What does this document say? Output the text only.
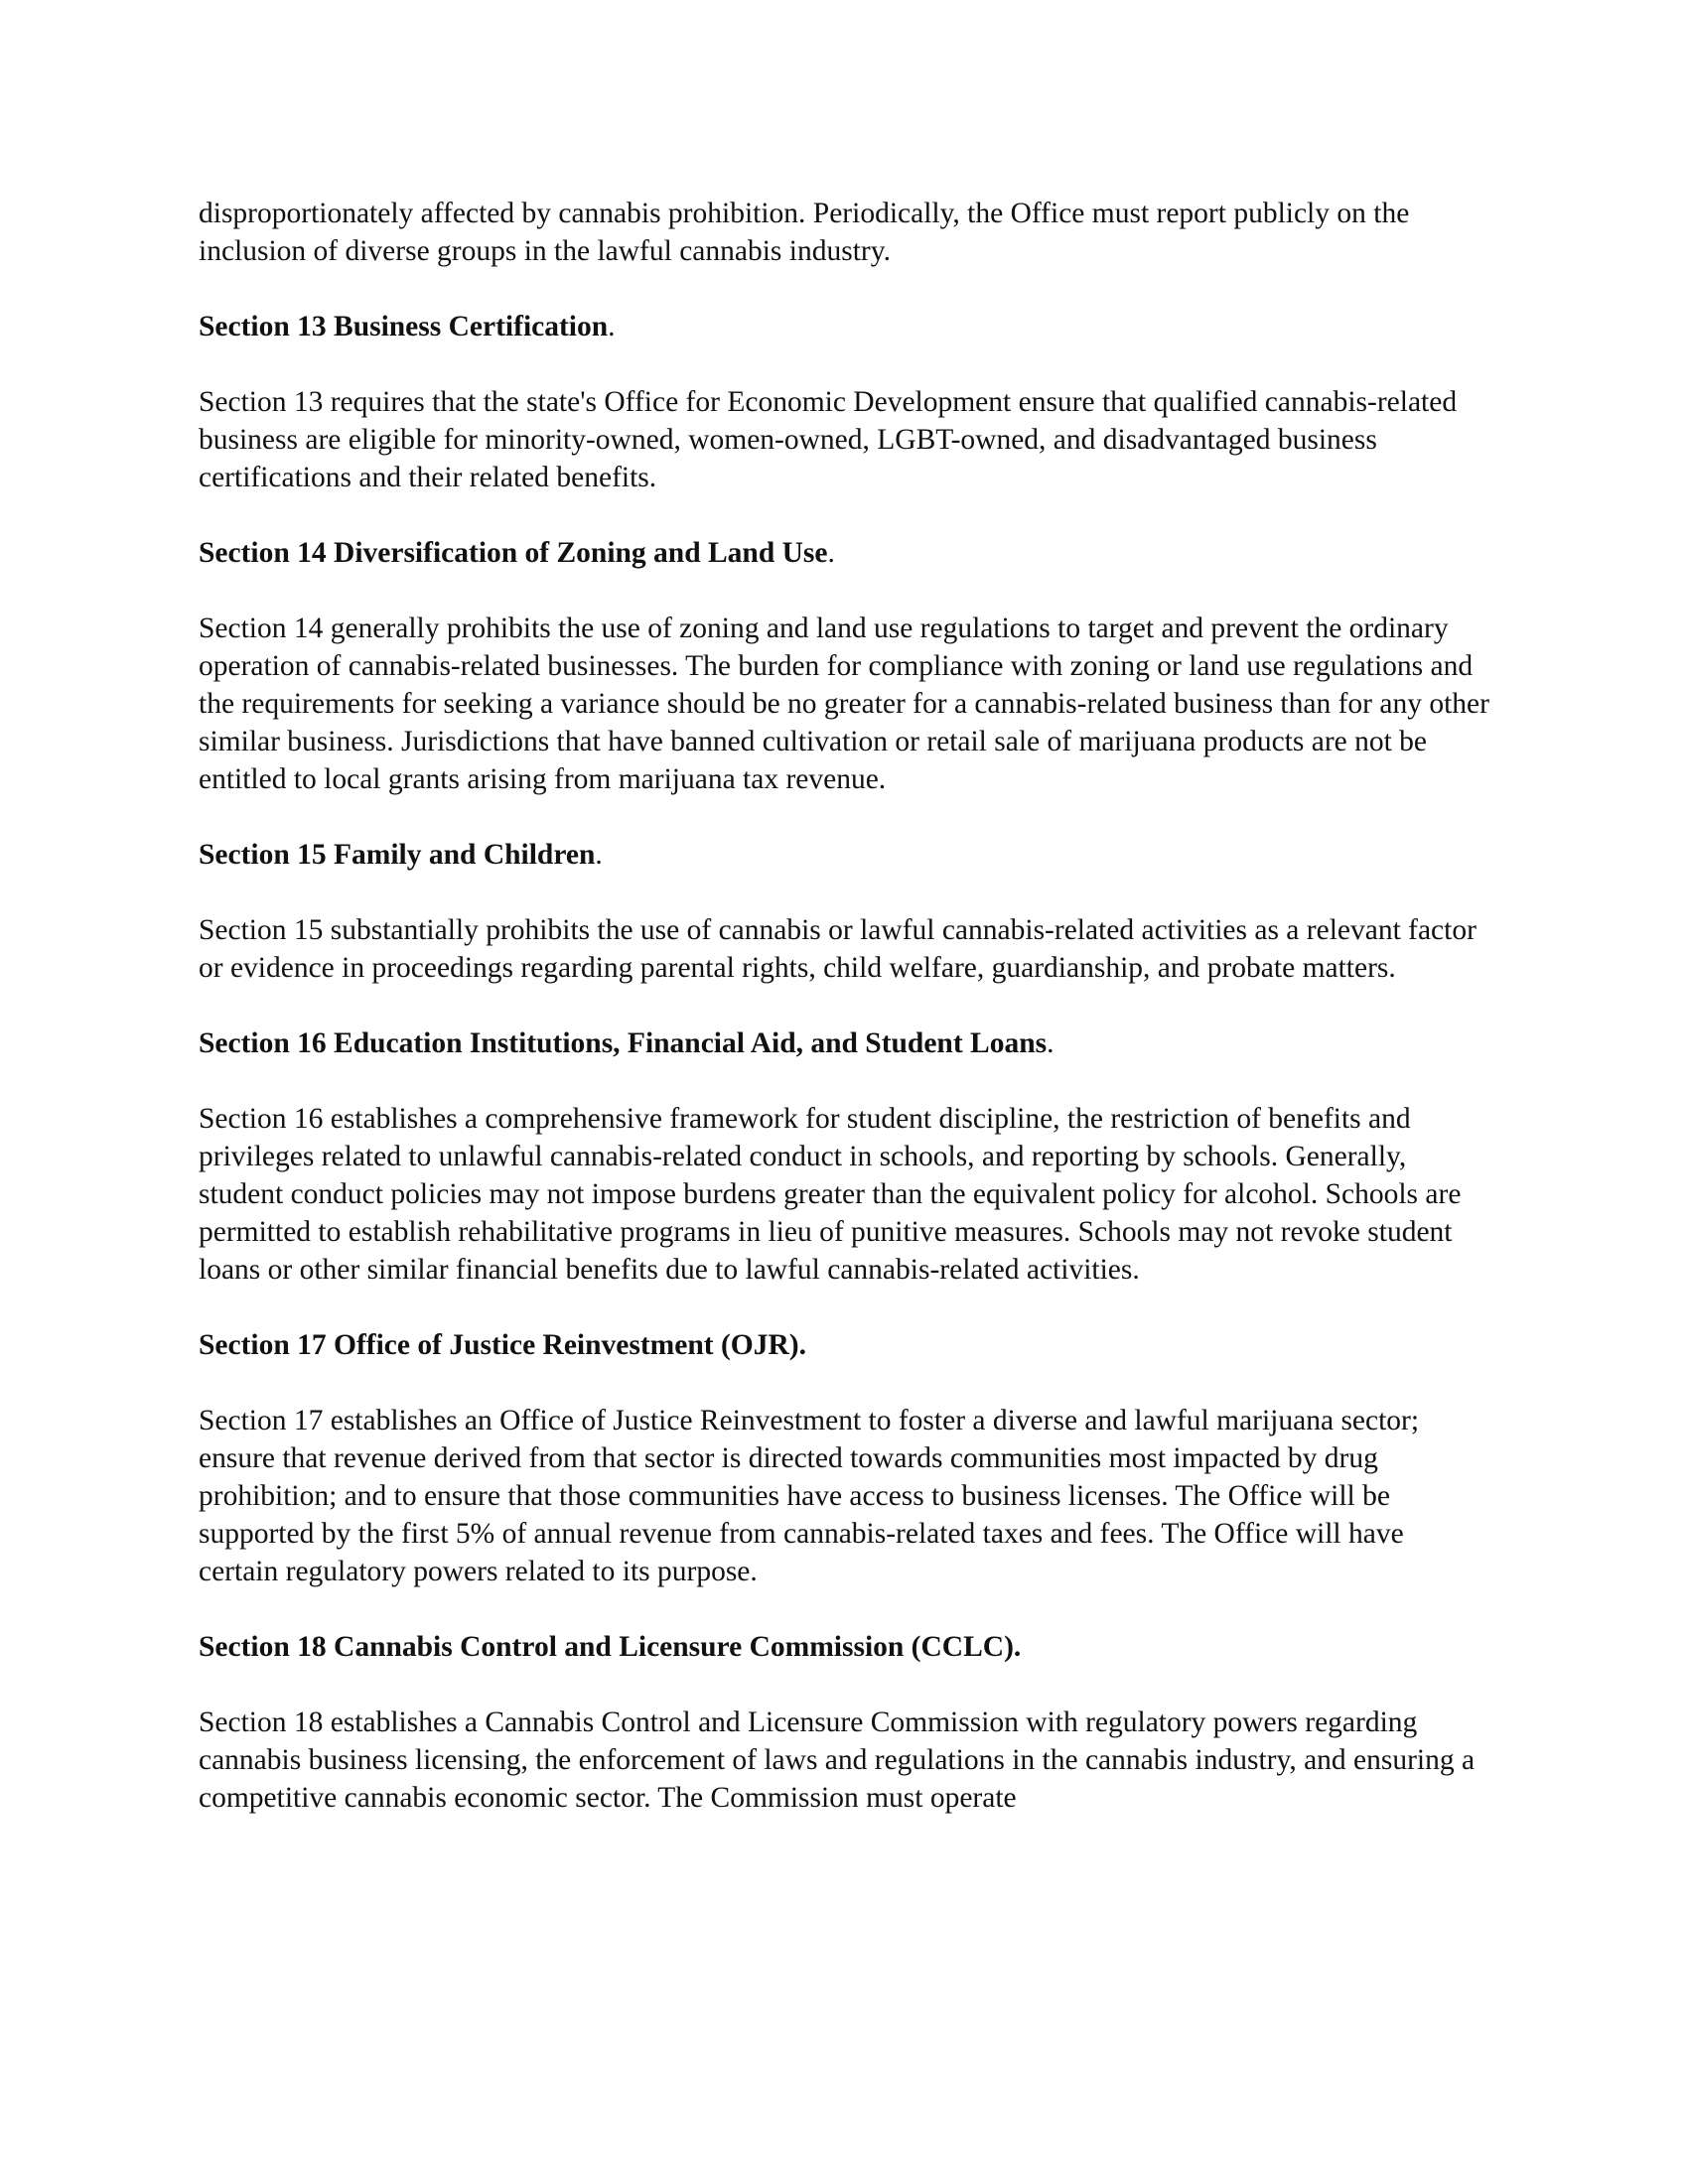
disproportionately affected by cannabis prohibition. Periodically, the Office must report publicly on the inclusion of diverse groups in the lawful cannabis industry.

Section 13 Business Certification.

Section 13 requires that the state's Office for Economic Development ensure that qualified cannabis-related business are eligible for minority-owned, women-owned, LGBT-owned, and disadvantaged business certifications and their related benefits.

Section 14 Diversification of Zoning and Land Use.

Section 14 generally prohibits the use of zoning and land use regulations to target and prevent the ordinary operation of cannabis-related businesses. The burden for compliance with zoning or land use regulations and the requirements for seeking a variance should be no greater for a cannabis-related business than for any other similar business. Jurisdictions that have banned cultivation or retail sale of marijuana products are not be entitled to local grants arising from marijuana tax revenue.

Section 15 Family and Children.

Section 15 substantially prohibits the use of cannabis or lawful cannabis-related activities as a relevant factor or evidence in proceedings regarding parental rights, child welfare, guardianship, and probate matters.

Section 16 Education Institutions, Financial Aid, and Student Loans.

Section 16 establishes a comprehensive framework for student discipline, the restriction of benefits and privileges related to unlawful cannabis-related conduct in schools, and reporting by schools. Generally, student conduct policies may not impose burdens greater than the equivalent policy for alcohol. Schools are permitted to establish rehabilitative programs in lieu of punitive measures. Schools may not revoke student loans or other similar financial benefits due to lawful cannabis-related activities.

Section 17 Office of Justice Reinvestment (OJR).

Section 17 establishes an Office of Justice Reinvestment to foster a diverse and lawful marijuana sector; ensure that revenue derived from that sector is directed towards communities most impacted by drug prohibition; and to ensure that those communities have access to business licenses. The Office will be supported by the first 5% of annual revenue from cannabis-related taxes and fees. The Office will have certain regulatory powers related to its purpose.

Section 18 Cannabis Control and Licensure Commission (CCLC).

Section 18 establishes a Cannabis Control and Licensure Commission with regulatory powers regarding cannabis business licensing, the enforcement of laws and regulations in the cannabis industry, and ensuring a competitive cannabis economic sector. The Commission must operate
